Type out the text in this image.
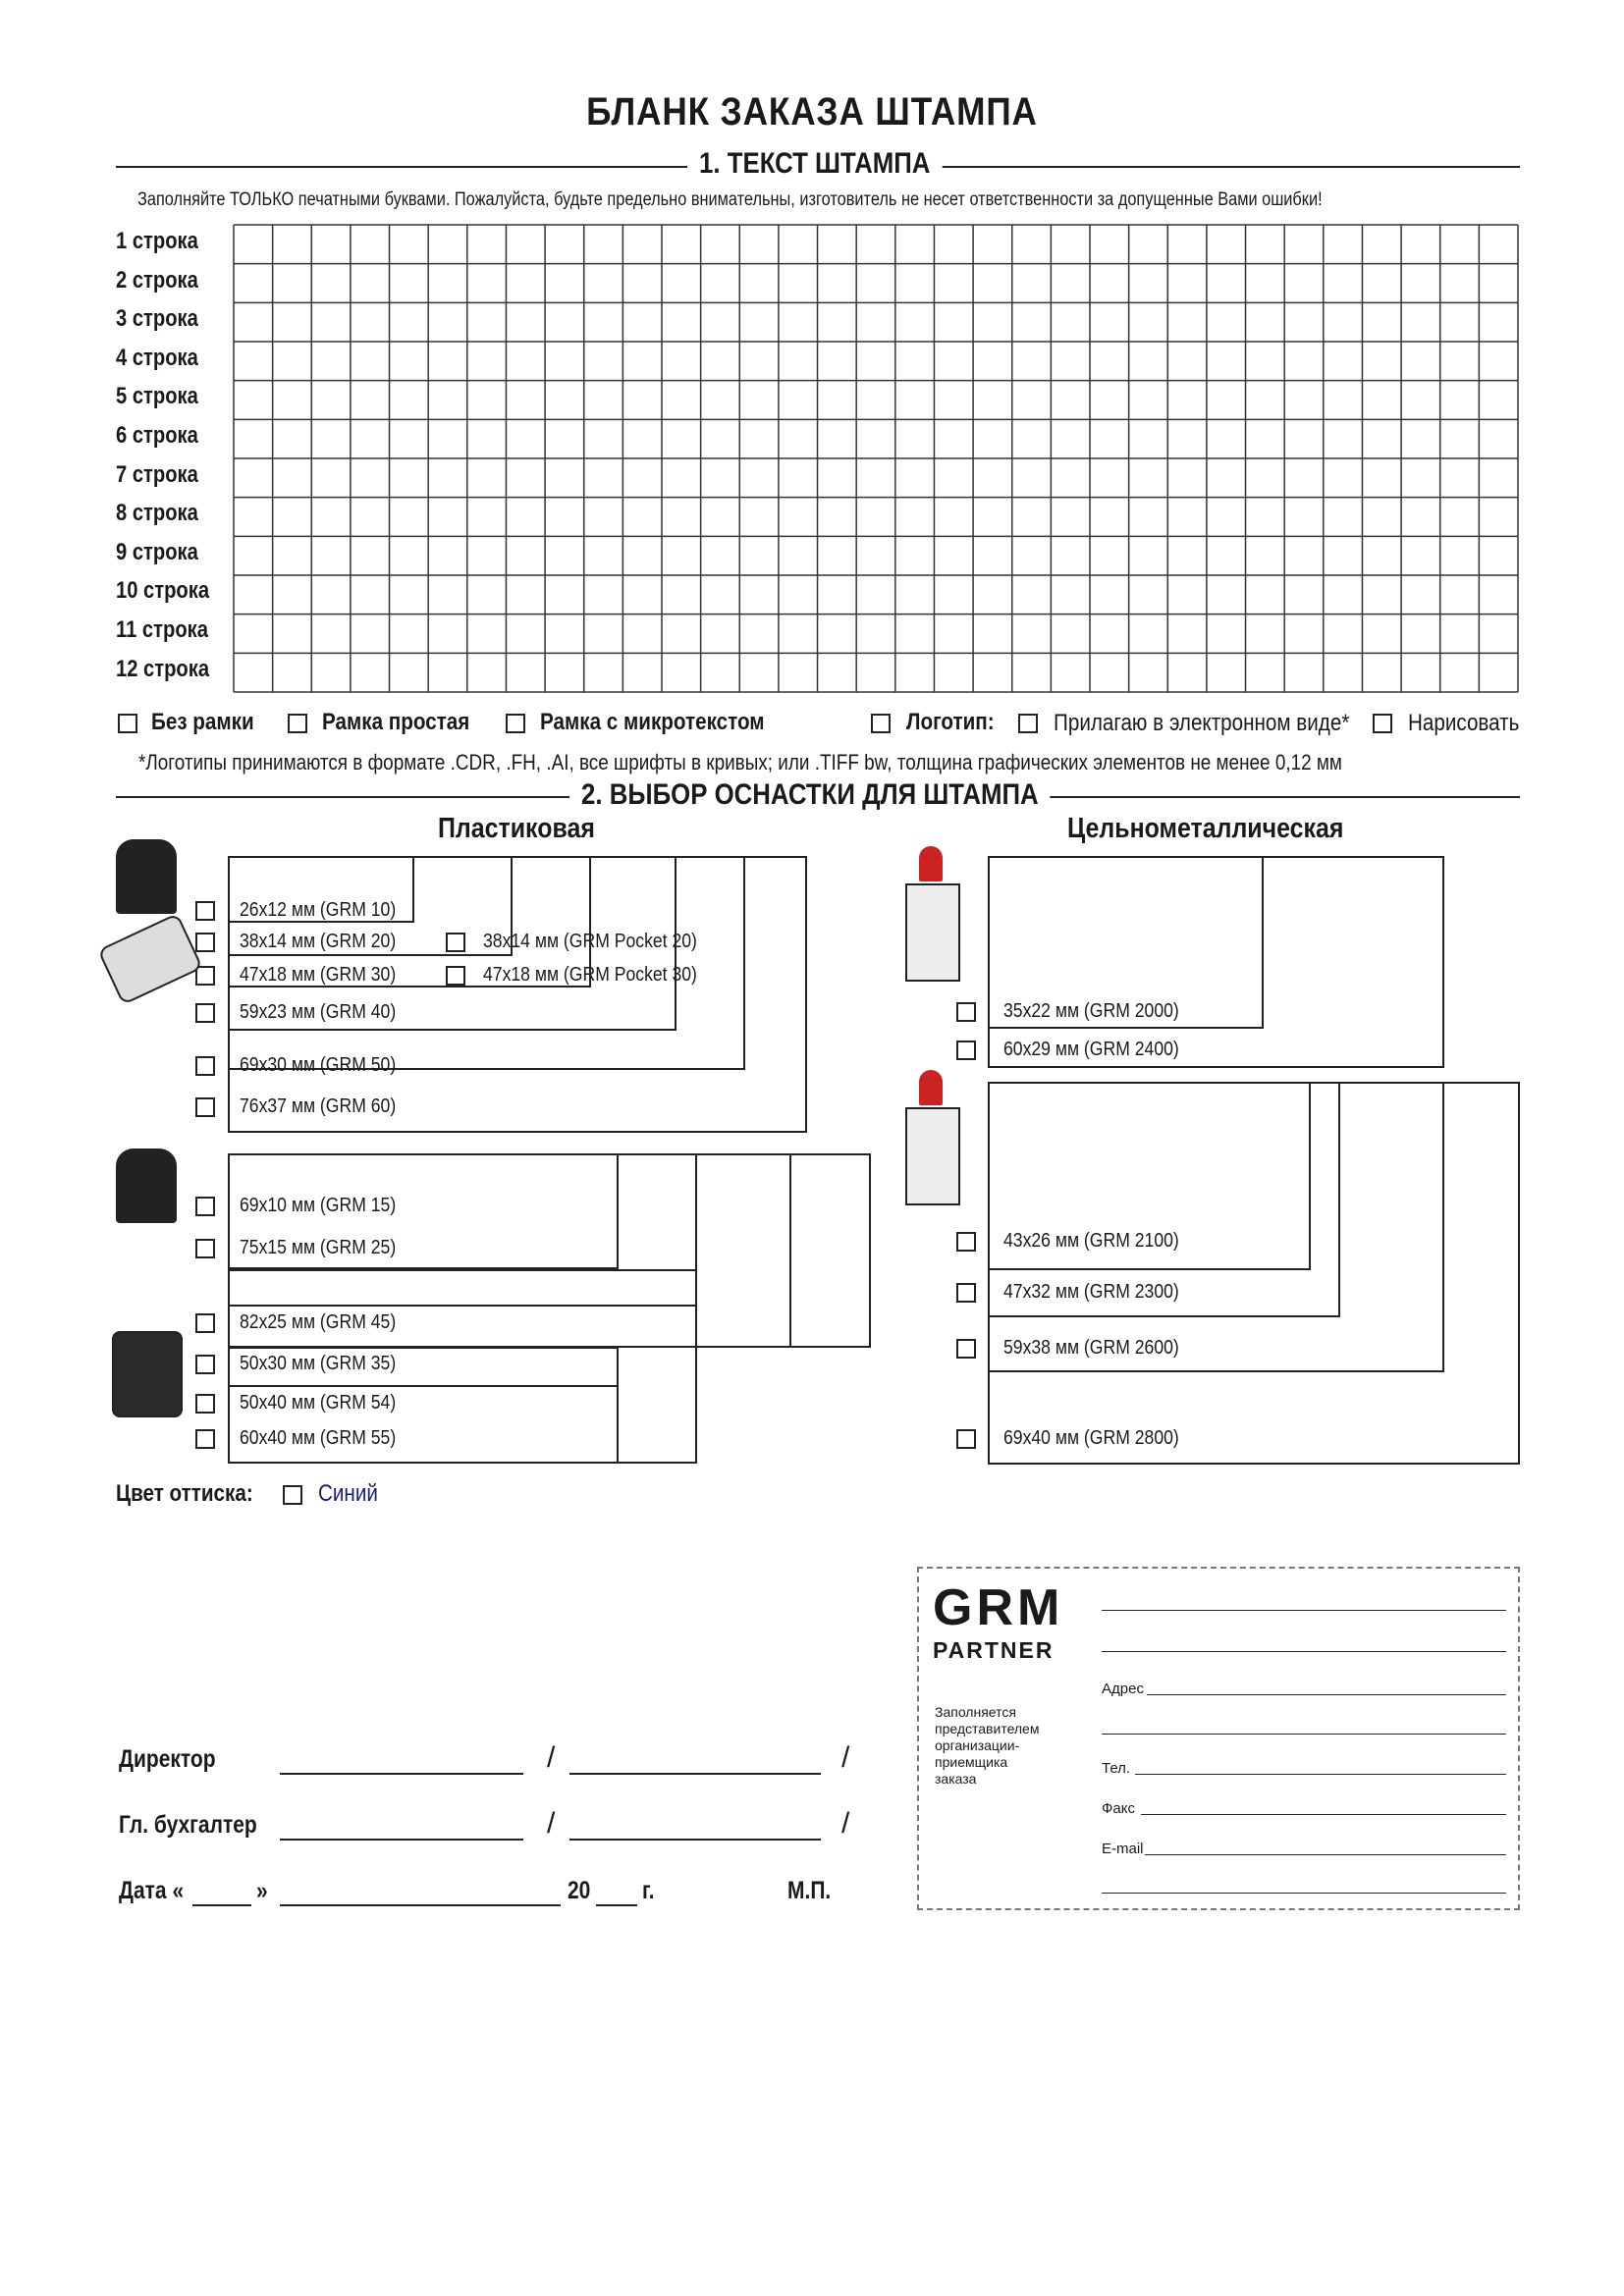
БЛАНК ЗАКАЗА ШТАМПА
1. ТЕКСТ ШТАМПА
Заполняйте ТОЛЬКО печатными буквами. Пожалуйста, будьте предельно внимательны, изготовитель не несет ответственности за допущенные Вами ошибки!
1 строка
2 строка
3 строка
4 строка
5 строка
6 строка
7 строка
8 строка
9 строка
10 строка
11 строка
12 строка
Без рамки	Рамка простая	Рамка с микротекстом	Логотип:	Прилагаю в электронном виде* Нарисовать
*Логотипы принимаются в формате .CDR, .FH, .AI, все шрифты в кривых; или .TIFF bw, толщина графических элементов не менее 0,12 мм
2. ВЫБОР ОСНАСТКИ ДЛЯ ШТАМПА
Пластиковая	Цельнометаллическая
26x12 мм (GRM 10)
38x14 мм (GRM 20)
47x18 мм (GRM 30)
59x23 мм (GRM 40)
69x30 мм (GRM 50)
76x37 мм (GRM 60)
38x14 мм (GRM Pocket 20)
47x18 мм (GRM Pocket 30)
69x10 мм (GRM 15)
75x15 мм (GRM 25)
82x25 мм (GRM 45)
50x30 мм (GRM 35)
50x40 мм (GRM 54)
60x40 мм (GRM 55)
35x22 мм (GRM 2000)
60x29 мм (GRM 2400)
43x26 мм (GRM 2100)
47x32 мм (GRM 2300)
59x38 мм (GRM 2600)
69x40 мм (GRM 2800)
Цвет оттиска:	Синий
Директор	/	/
Гл. бухгалтер	/	/
Дата «	»	20 г.	М.П.
GRM
PARTNER
Заполняется представителем организации-приемщика заказа
Адрес
Тел.
Факс
E-mail
